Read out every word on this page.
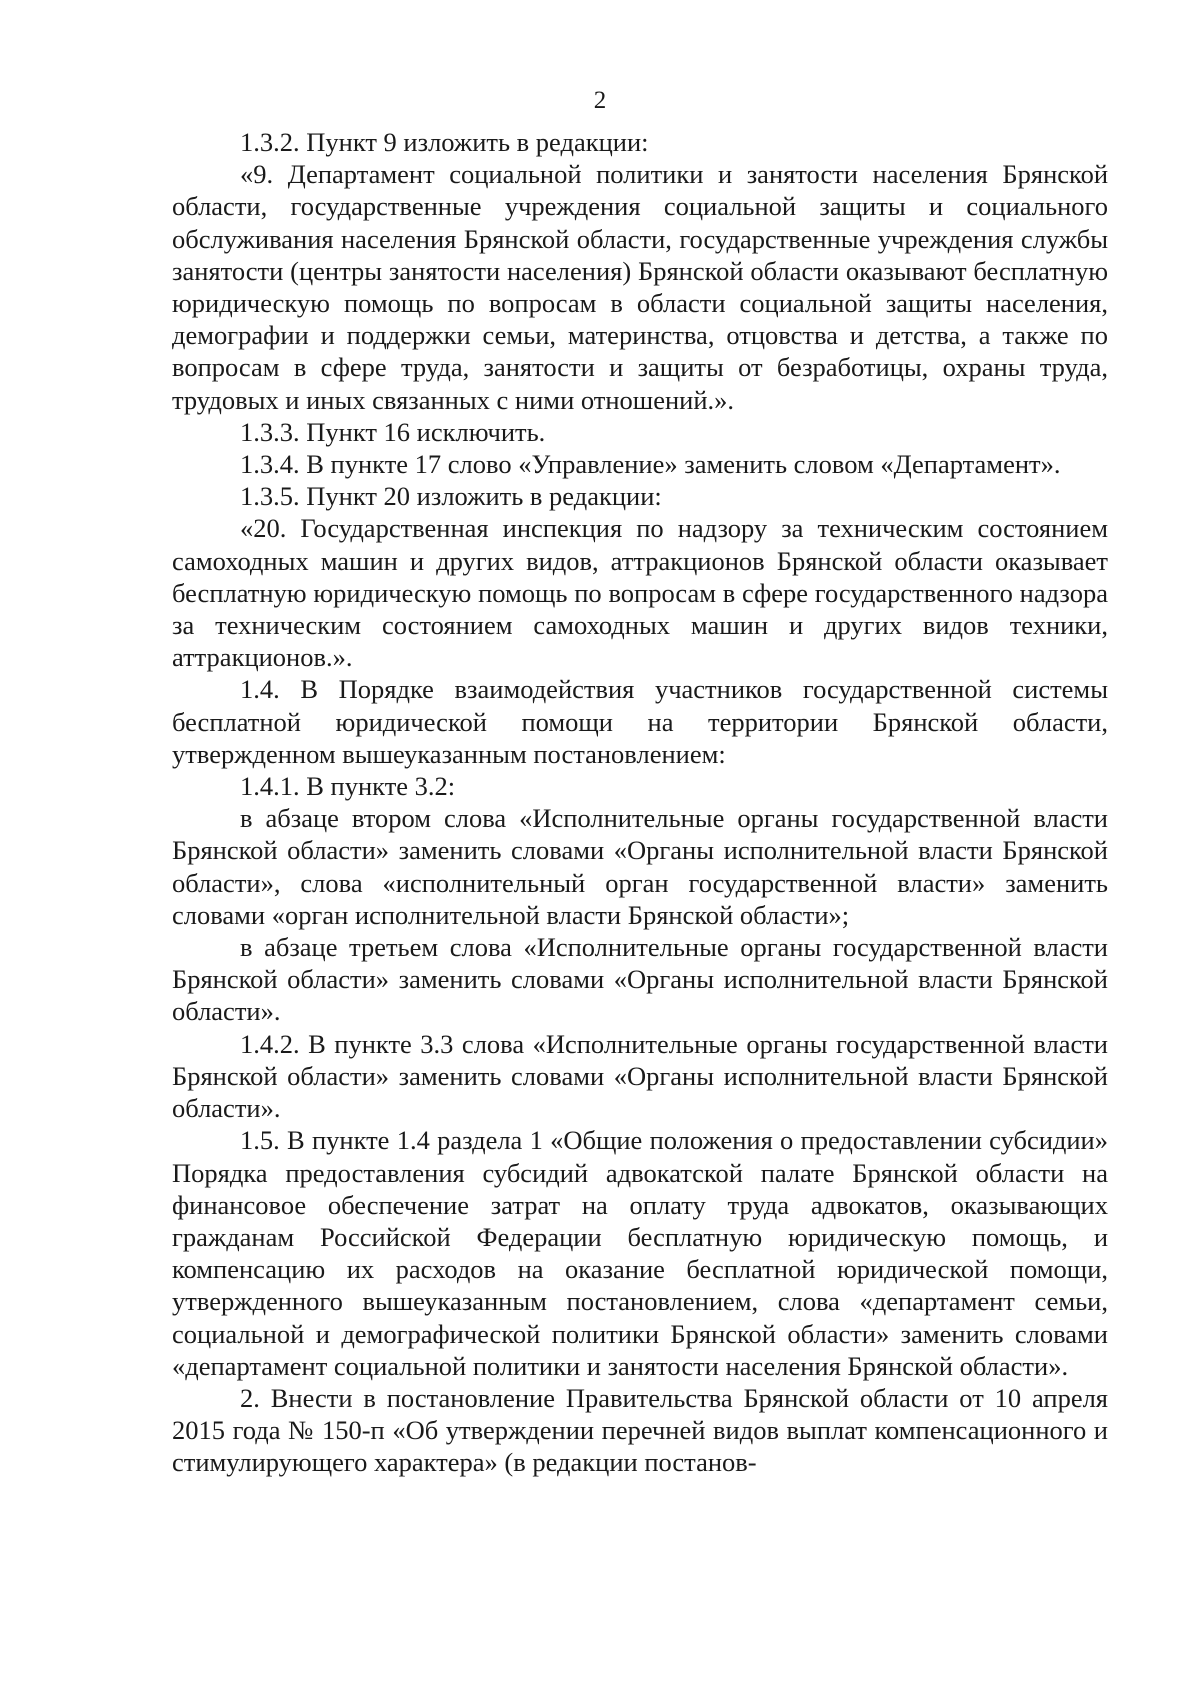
2

1.3.2. Пункт 9 изложить в редакции:

«9. Департамент социальной политики и занятости населения Брянской области, государственные учреждения социальной защиты и социального обслуживания населения Брянской области, государственные учреждения службы занятости (центры занятости населения) Брянской области оказывают бесплатную юридическую помощь по вопросам в области социальной защиты населения, демографии и поддержки семьи, материнства, отцовства и детства, а также по вопросам в сфере труда, занятости и защиты от безработицы, охраны труда, трудовых и иных связанных с ними отношений.».

1.3.3. Пункт 16 исключить.

1.3.4. В пункте 17 слово «Управление» заменить словом «Департамент».

1.3.5. Пункт 20 изложить в редакции:

«20. Государственная инспекция по надзору за техническим состоянием самоходных машин и других видов, аттракционов Брянской области оказывает бесплатную юридическую помощь по вопросам в сфере государственного надзора за техническим состоянием самоходных машин и других видов техники, аттракционов.».

1.4. В Порядке взаимодействия участников государственной системы бесплатной юридической помощи на территории Брянской области, утвержденном вышеуказанным постановлением:

1.4.1. В пункте 3.2:

в абзаце втором слова «Исполнительные органы государственной власти Брянской области» заменить словами «Органы исполнительной власти Брянской области», слова «исполнительный орган государственной власти» заменить словами «орган исполнительной власти Брянской области»;

в абзаце третьем слова «Исполнительные органы государственной власти Брянской области» заменить словами «Органы исполнительной власти Брянской области».

1.4.2. В пункте 3.3 слова «Исполнительные органы государственной власти Брянской области» заменить словами «Органы исполнительной власти Брянской области».

1.5. В пункте 1.4 раздела 1 «Общие положения о предоставлении субсидии» Порядка предоставления субсидий адвокатской палате Брянской области на финансовое обеспечение затрат на оплату труда адвокатов, оказывающих гражданам Российской Федерации бесплатную юридическую помощь, и компенсацию их расходов на оказание бесплатной юридической помощи, утвержденного вышеуказанным постановлением, слова «департамент семьи, социальной и демографической политики Брянской области» заменить словами «департамент социальной политики и занятости населения Брянской области».

2. Внести в постановление Правительства Брянской области от 10 апреля 2015 года № 150-п «Об утверждении перечней видов выплат компенсационного и стимулирующего характера» (в редакции постанов-
